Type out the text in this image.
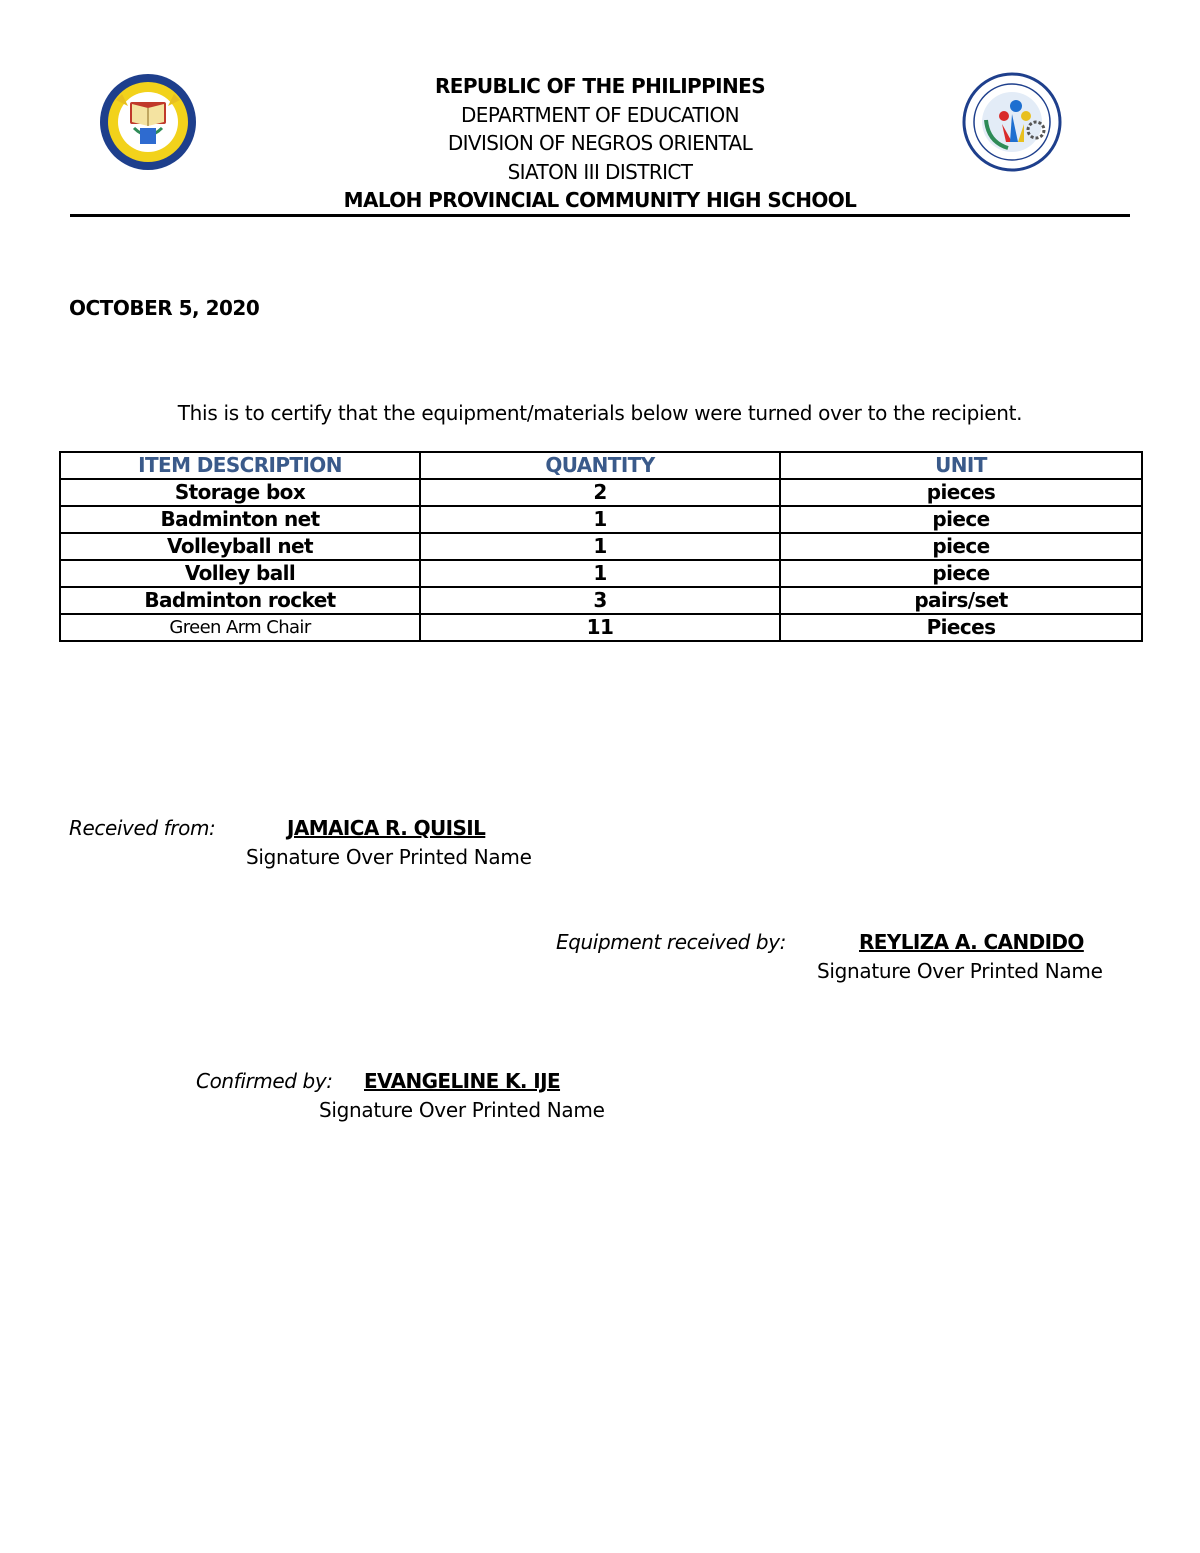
REPUBLIC OF THE PHILIPPINES
DEPARTMENT OF EDUCATION
DIVISION OF NEGROS ORIENTAL
SIATON III DISTRICT
MALOH PROVINCIAL COMMUNITY HIGH SCHOOL
OCTOBER 5, 2020
This is to certify that the equipment/materials below were turned over to the recipient.
ITEM DESCRIPTION	QUANTITY	UNIT
Storage box	2	pieces
Badminton net	1	piece
Volleyball net	1	piece
Volley ball	1	piece
Badminton rocket	3	pairs/set
Green Arm Chair	11	Pieces
Received from:	JAMAICA R. QUISIL
Signature Over Printed Name
Equipment received by:	REYLIZA A. CANDIDO
Signature Over Printed Name
Confirmed by: EVANGELINE K. IJE
Signature Over Printed Name
